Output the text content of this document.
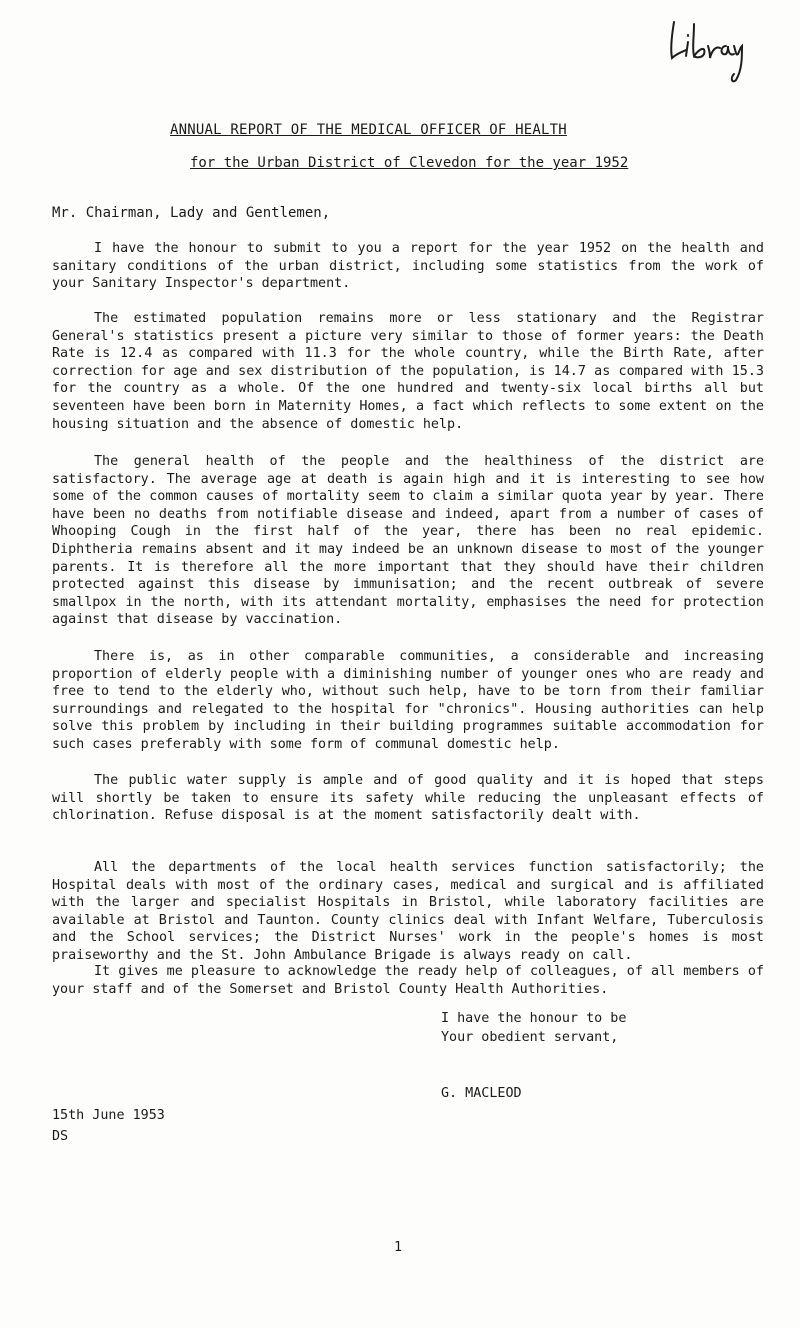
ANNUAL REPORT OF THE MEDICAL OFFICER OF HEALTH
for the Urban District of Clevedon for the year 1952
Mr. Chairman, Lady and Gentlemen,

I have the honour to submit to you a report for the year 1952 on the health and sanitary conditions of the urban district, including some statistics from the work of your Sanitary Inspector's department.

The estimated population remains more or less stationary and the Registrar General's statistics present a picture very similar to those of former years: the Death Rate is 12.4 as compared with 11.3 for the whole country, while the Birth Rate, after correction for age and sex distribution of the population, is 14.7 as compared with 15.3 for the country as a whole. Of the one hundred and twenty-six local births all but seventeen have been born in Maternity Homes, a fact which reflects to some extent on the housing situation and the absence of domestic help.

The general health of the people and the healthiness of the district are satisfactory. The average age at death is again high and it is interesting to see how some of the common causes of mortality seem to claim a similar quota year by year. There have been no deaths from notifiable disease and indeed, apart from a number of cases of Whooping Cough in the first half of the year, there has been no real epidemic. Diphtheria remains absent and it may indeed be an unknown disease to most of the younger parents. It is therefore all the more important that they should have their children protected against this disease by immunisation; and the recent outbreak of severe smallpox in the north, with its attendant mortality, emphasises the need for protection against that disease by vaccination.

There is, as in other comparable communities, a considerable and increasing proportion of elderly people with a diminishing number of younger ones who are ready and free to tend to the elderly who, without such help, have to be torn from their familiar surroundings and relegated to the hospital for "chronics". Housing authorities can help solve this problem by including in their building programmes suitable accommodation for such cases preferably with some form of communal domestic help.

The public water supply is ample and of good quality and it is hoped that steps will shortly be taken to ensure its safety while reducing the unpleasant effects of chlorination. Refuse disposal is at the moment satisfactorily dealt with.

All the departments of the local health services function satisfactorily; the Hospital deals with most of the ordinary cases, medical and surgical and is affiliated with the larger and specialist Hospitals in Bristol, while laboratory facilities are available at Bristol and Taunton. County clinics deal with Infant Welfare, Tuberculosis and the School services; the District Nurses' work in the people's homes is most praiseworthy and the St. John Ambulance Brigade is always ready on call.

It gives me pleasure to acknowledge the ready help of colleagues, of all members of your staff and of the Somerset and Bristol County Health Authorities.

I have the honour to be
Your obedient servant,
G. MACLEOD
15th June 1953
DS
1
